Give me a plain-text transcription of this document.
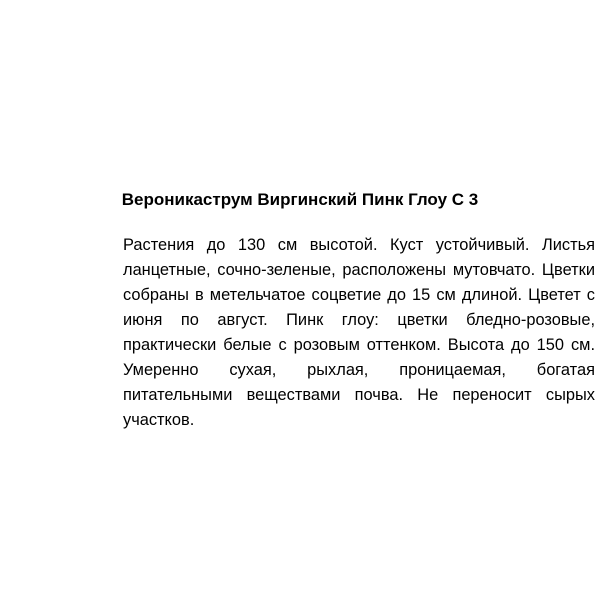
Вероникаструм Виргинский Пинк Глоу С 3

Растения до 130 см высотой. Куст устойчивый. Листья ланцетные, сочно-зеленые, расположены мутовчато. Цветки собраны в метельчатое соцветие до 15 см длиной. Цветет с июня по август. Пинк глоу: цветки бледно-розовые, практически белые с розовым оттенком. Высота до 150 см. Умеренно сухая, рыхлая, проницаемая, богатая питательными веществами почва. Не переносит сырых участков.
